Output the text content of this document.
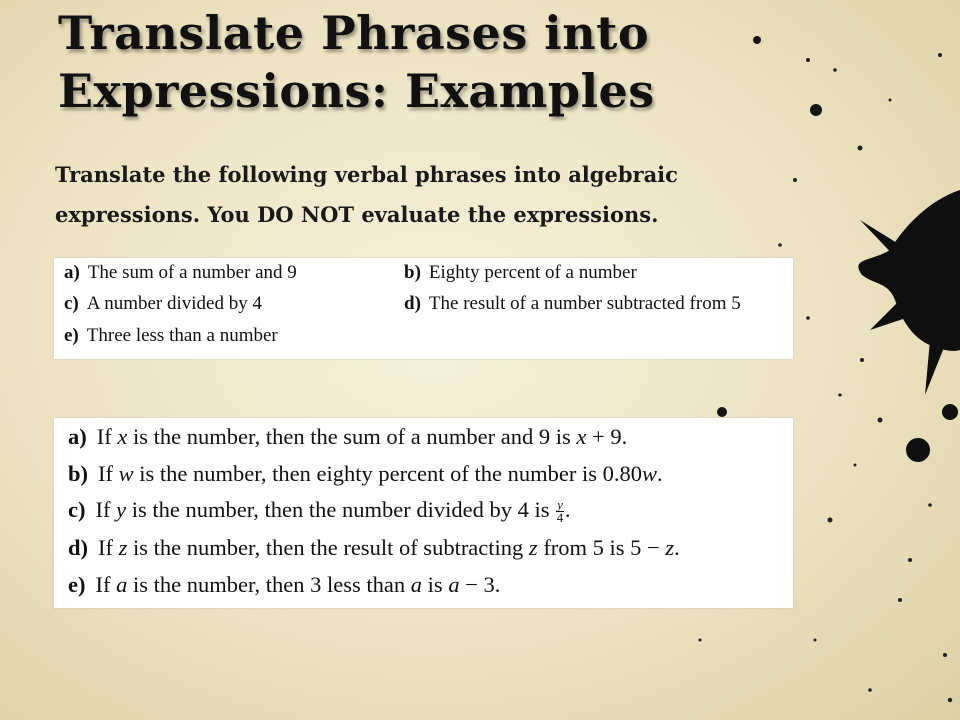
Translate Phrases into
Expressions: Examples

Translate the following verbal phrases into algebraic
expressions. You DO NOT evaluate the expressions.

a) The sum of a number and 9	b) Eighty percent of a number
c) A number divided by 4	d) The result of a number subtracted from 5
e) Three less than a number
a) If x is the number, then the sum of a number and 9 is x + 9.
b) If w is the number, then eighty percent of the number is 0.80w.
c) If y is the number, then the number divided by 4 is $\frac{y}{4}$ .
d) If z is the number, then the result of subtracting z from 5 is 5 − z.
e) If a is the number, then 3 less than a is a − 3.
